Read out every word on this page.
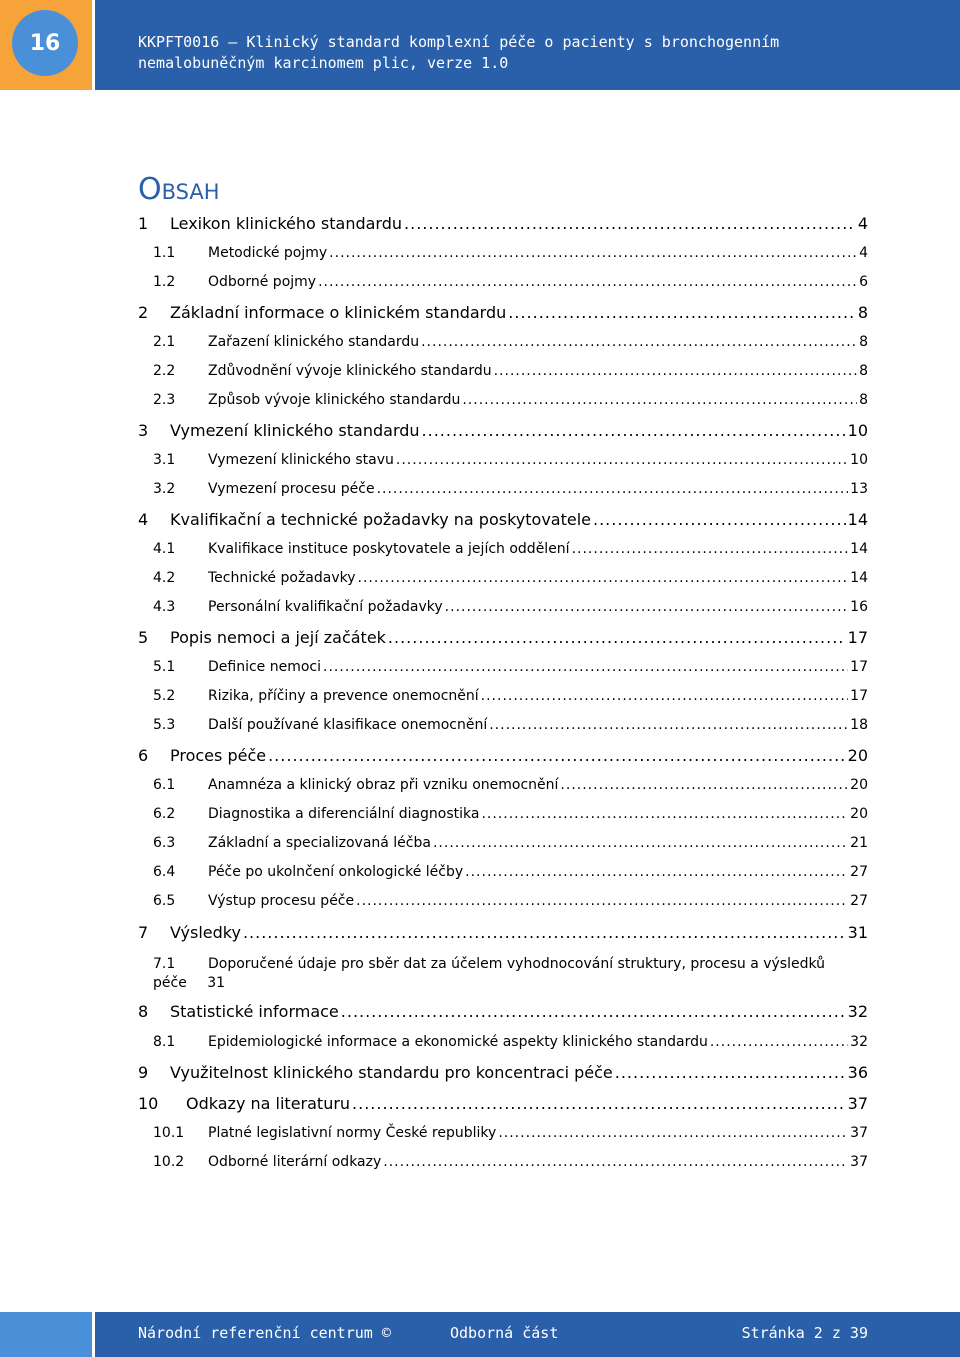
16	KKPFT0016 – Klinický standard komplexní péče o pacienty s bronchogenním
nemalobuněčným karcinomem plic, verze 1.0
Obsah
1	Lexikon klinického standardu .....	4
1.1	Metodické pojmy .....	4
1.2	Odborné pojmy .....	6
2	Základní informace o klinickém standardu .....	8
2.1	Zařazení klinického standardu .....	8
2.2	Zdůvodnění vývoje klinického standardu .....	8
2.3	Způsob vývoje klinického standardu .....	8
3	Vymezení klinického standardu .....	10
3.1	Vymezení klinického stavu .....	10
3.2	Vymezení procesu péče .....	13
4	Kvalifikační a technické požadavky na poskytovatele .....	14
4.1	Kvalifikace instituce poskytovatele a jejích oddělení .....	14
4.2	Technické požadavky .....	14
4.3	Personální kvalifikační požadavky .....	16
5	Popis nemoci a její začátek .....	17
5.1	Definice nemoci .....	17
5.2	Rizika, příčiny a prevence onemocnění .....	17
5.3	Další používané klasifikace onemocnění .....	18
6	Proces péče .....	20
6.1	Anamnéza a klinický obraz při vzniku onemocnění .....	20
6.2	Diagnostika a diferenciální diagnostika .....	20
6.3	Základní a specializovaná léčba .....	21
6.4	Péče po ukolnčení onkologické léčby .....	27
6.5	Výstup procesu péče .....	27
7	Výsledky .....	31
7.1	Doporučené údaje pro sběr dat za účelem vyhodnocování struktury, procesu a výsledků
péče 31
8	Statistické informace .....	32
8.1	Epidemiologické informace a ekonomické aspekty klinického standardu .....	32
9	Využitelnost klinického standardu pro koncentraci péče .....	36
10	Odkazy na literaturu .....	37
10.1	Platné legislativní normy České republiky .....	37
10.2	Odborné literární odkazy .....	37
Národní referenční centrum ©	Odborná část	Stránka 2 z 39
